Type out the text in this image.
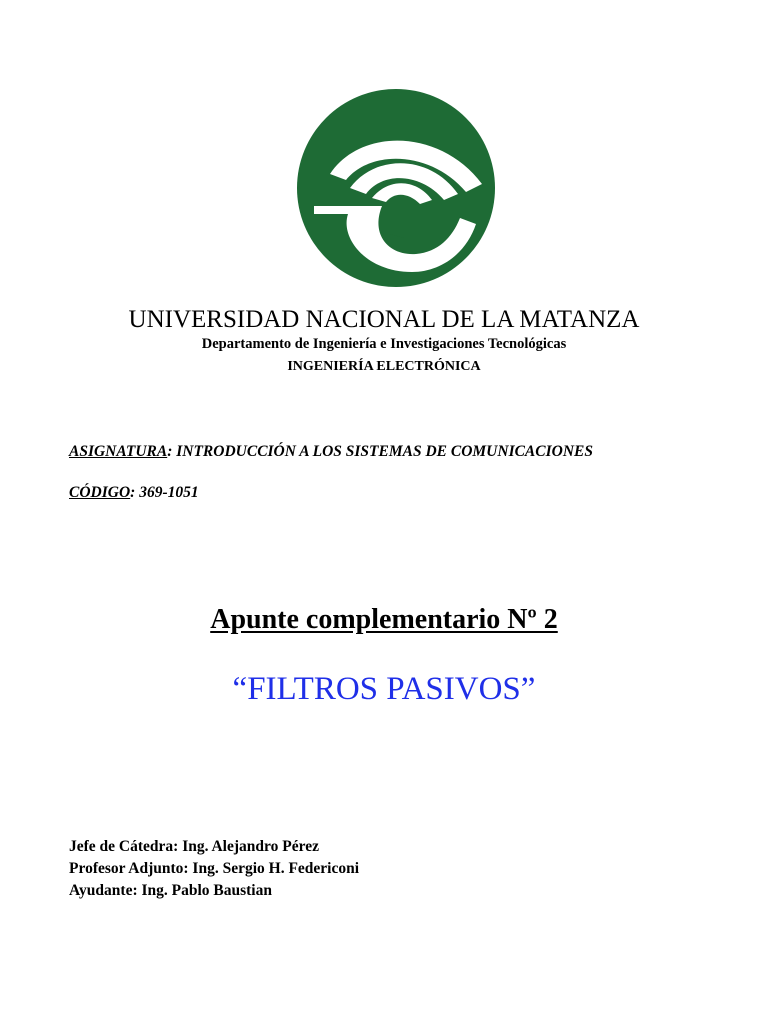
UNIVERSIDAD NACIONAL DE LA MATANZA
Departamento de Ingeniería e Investigaciones Tecnológicas
INGENIERÍA ELECTRÓNICA
ASIGNATURA: INTRODUCCIÓN A LOS SISTEMAS DE COMUNICACIONES
CÓDIGO: 369-1051
Apunte complementario Nº 2
“FILTROS PASIVOS”
Jefe de Cátedra: Ing. Alejandro Pérez
Profesor Adjunto: Ing. Sergio H. Federiconi
Ayudante: Ing. Pablo Baustian
